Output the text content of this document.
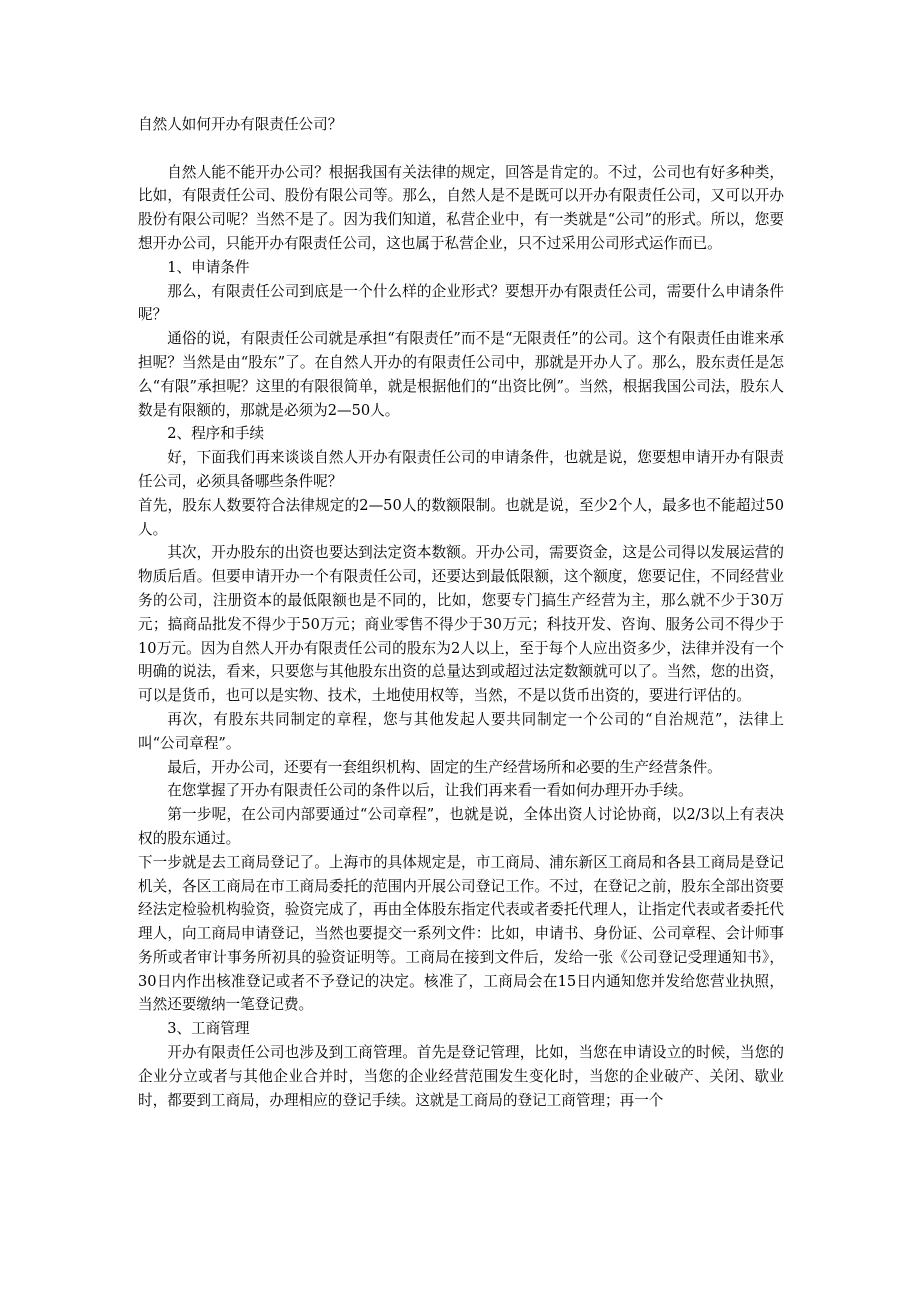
自然人如何开办有限责任公司？

自然人能不能开办公司？根据我国有关法律的规定，回答是肯定的。不过，公司也有好多种类，比如，有限责任公司、股份有限公司等。那么，自然人是不是既可以开办有限责任公司，又可以开办股份有限公司呢？当然不是了。因为我们知道，私营企业中，有一类就是“公司”的形式。所以，您要想开办公司，只能开办有限责任公司，这也属于私营企业，只不过采用公司形式运作而已。

1、申请条件

那么，有限责任公司到底是一个什么样的企业形式？要想开办有限责任公司，需要什么申请条件呢？

通俗的说，有限责任公司就是承担“有限责任”而不是“无限责任”的公司。这个有限责任由谁来承担呢？当然是由“股东”了。在自然人开办的有限责任公司中，那就是开办人了。那么，股东责任是怎么“有限”承担呢？这里的有限很简单，就是根据他们的“出资比例”。当然，根据我国公司法，股东人数是有限额的，那就是必须为2—50人。

2、程序和手续

好，下面我们再来谈谈自然人开办有限责任公司的申请条件，也就是说，您要想申请开办有限责任公司，必须具备哪些条件呢？

首先，股东人数要符合法律规定的2—50人的数额限制。也就是说，至少2个人，最多也不能超过50人。

其次，开办股东的出资也要达到法定资本数额。开办公司，需要资金，这是公司得以发展运营的物质后盾。但要申请开办一个有限责任公司，还要达到最低限额，这个额度，您要记住，不同经营业务的公司，注册资本的最低限额也是不同的，比如，您要专门搞生产经营为主，那么就不少于30万元；搞商品批发不得少于50万元；商业零售不得少于30万元；科技开发、咨询、服务公司不得少于10万元。因为自然人开办有限责任公司的股东为2人以上，至于每个人应出资多少，法律并没有一个明确的说法，看来，只要您与其他股东出资的总量达到或超过法定数额就可以了。当然，您的出资，可以是货币，也可以是实物、技术，土地使用权等，当然，不是以货币出资的，要进行评估的。

再次，有股东共同制定的章程，您与其他发起人要共同制定一个公司的“自治规范”，法律上叫“公司章程”。

最后，开办公司，还要有一套组织机构、固定的生产经营场所和必要的生产经营条件。

在您掌握了开办有限责任公司的条件以后，让我们再来看一看如何办理开办手续。

第一步呢，在公司内部要通过“公司章程”，也就是说，全体出资人讨论协商，以2/3以上有表决权的股东通过。

下一步就是去工商局登记了。上海市的具体规定是，市工商局、浦东新区工商局和各县工商局是登记机关，各区工商局在市工商局委托的范围内开展公司登记工作。不过，在登记之前，股东全部出资要经法定检验机构验资，验资完成了，再由全体股东指定代表或者委托代理人，让指定代表或者委托代理人，向工商局申请登记，当然也要提交一系列文件：比如，申请书、身份证、公司章程、会计师事务所或者审计事务所初具的验资证明等。工商局在接到文件后，发给一张《公司登记受理通知书》，30日内作出核准登记或者不予登记的决定。核准了，工商局会在15日内通知您并发给您营业执照，当然还要缴纳一笔登记费。

3、工商管理

开办有限责任公司也涉及到工商管理。首先是登记管理，比如，当您在申请设立的时候，当您的企业分立或者与其他企业合并时，当您的企业经营范围发生变化时，当您的企业破产、关闭、歇业时，都要到工商局，办理相应的登记手续。这就是工商局的登记工商管理；再一个
